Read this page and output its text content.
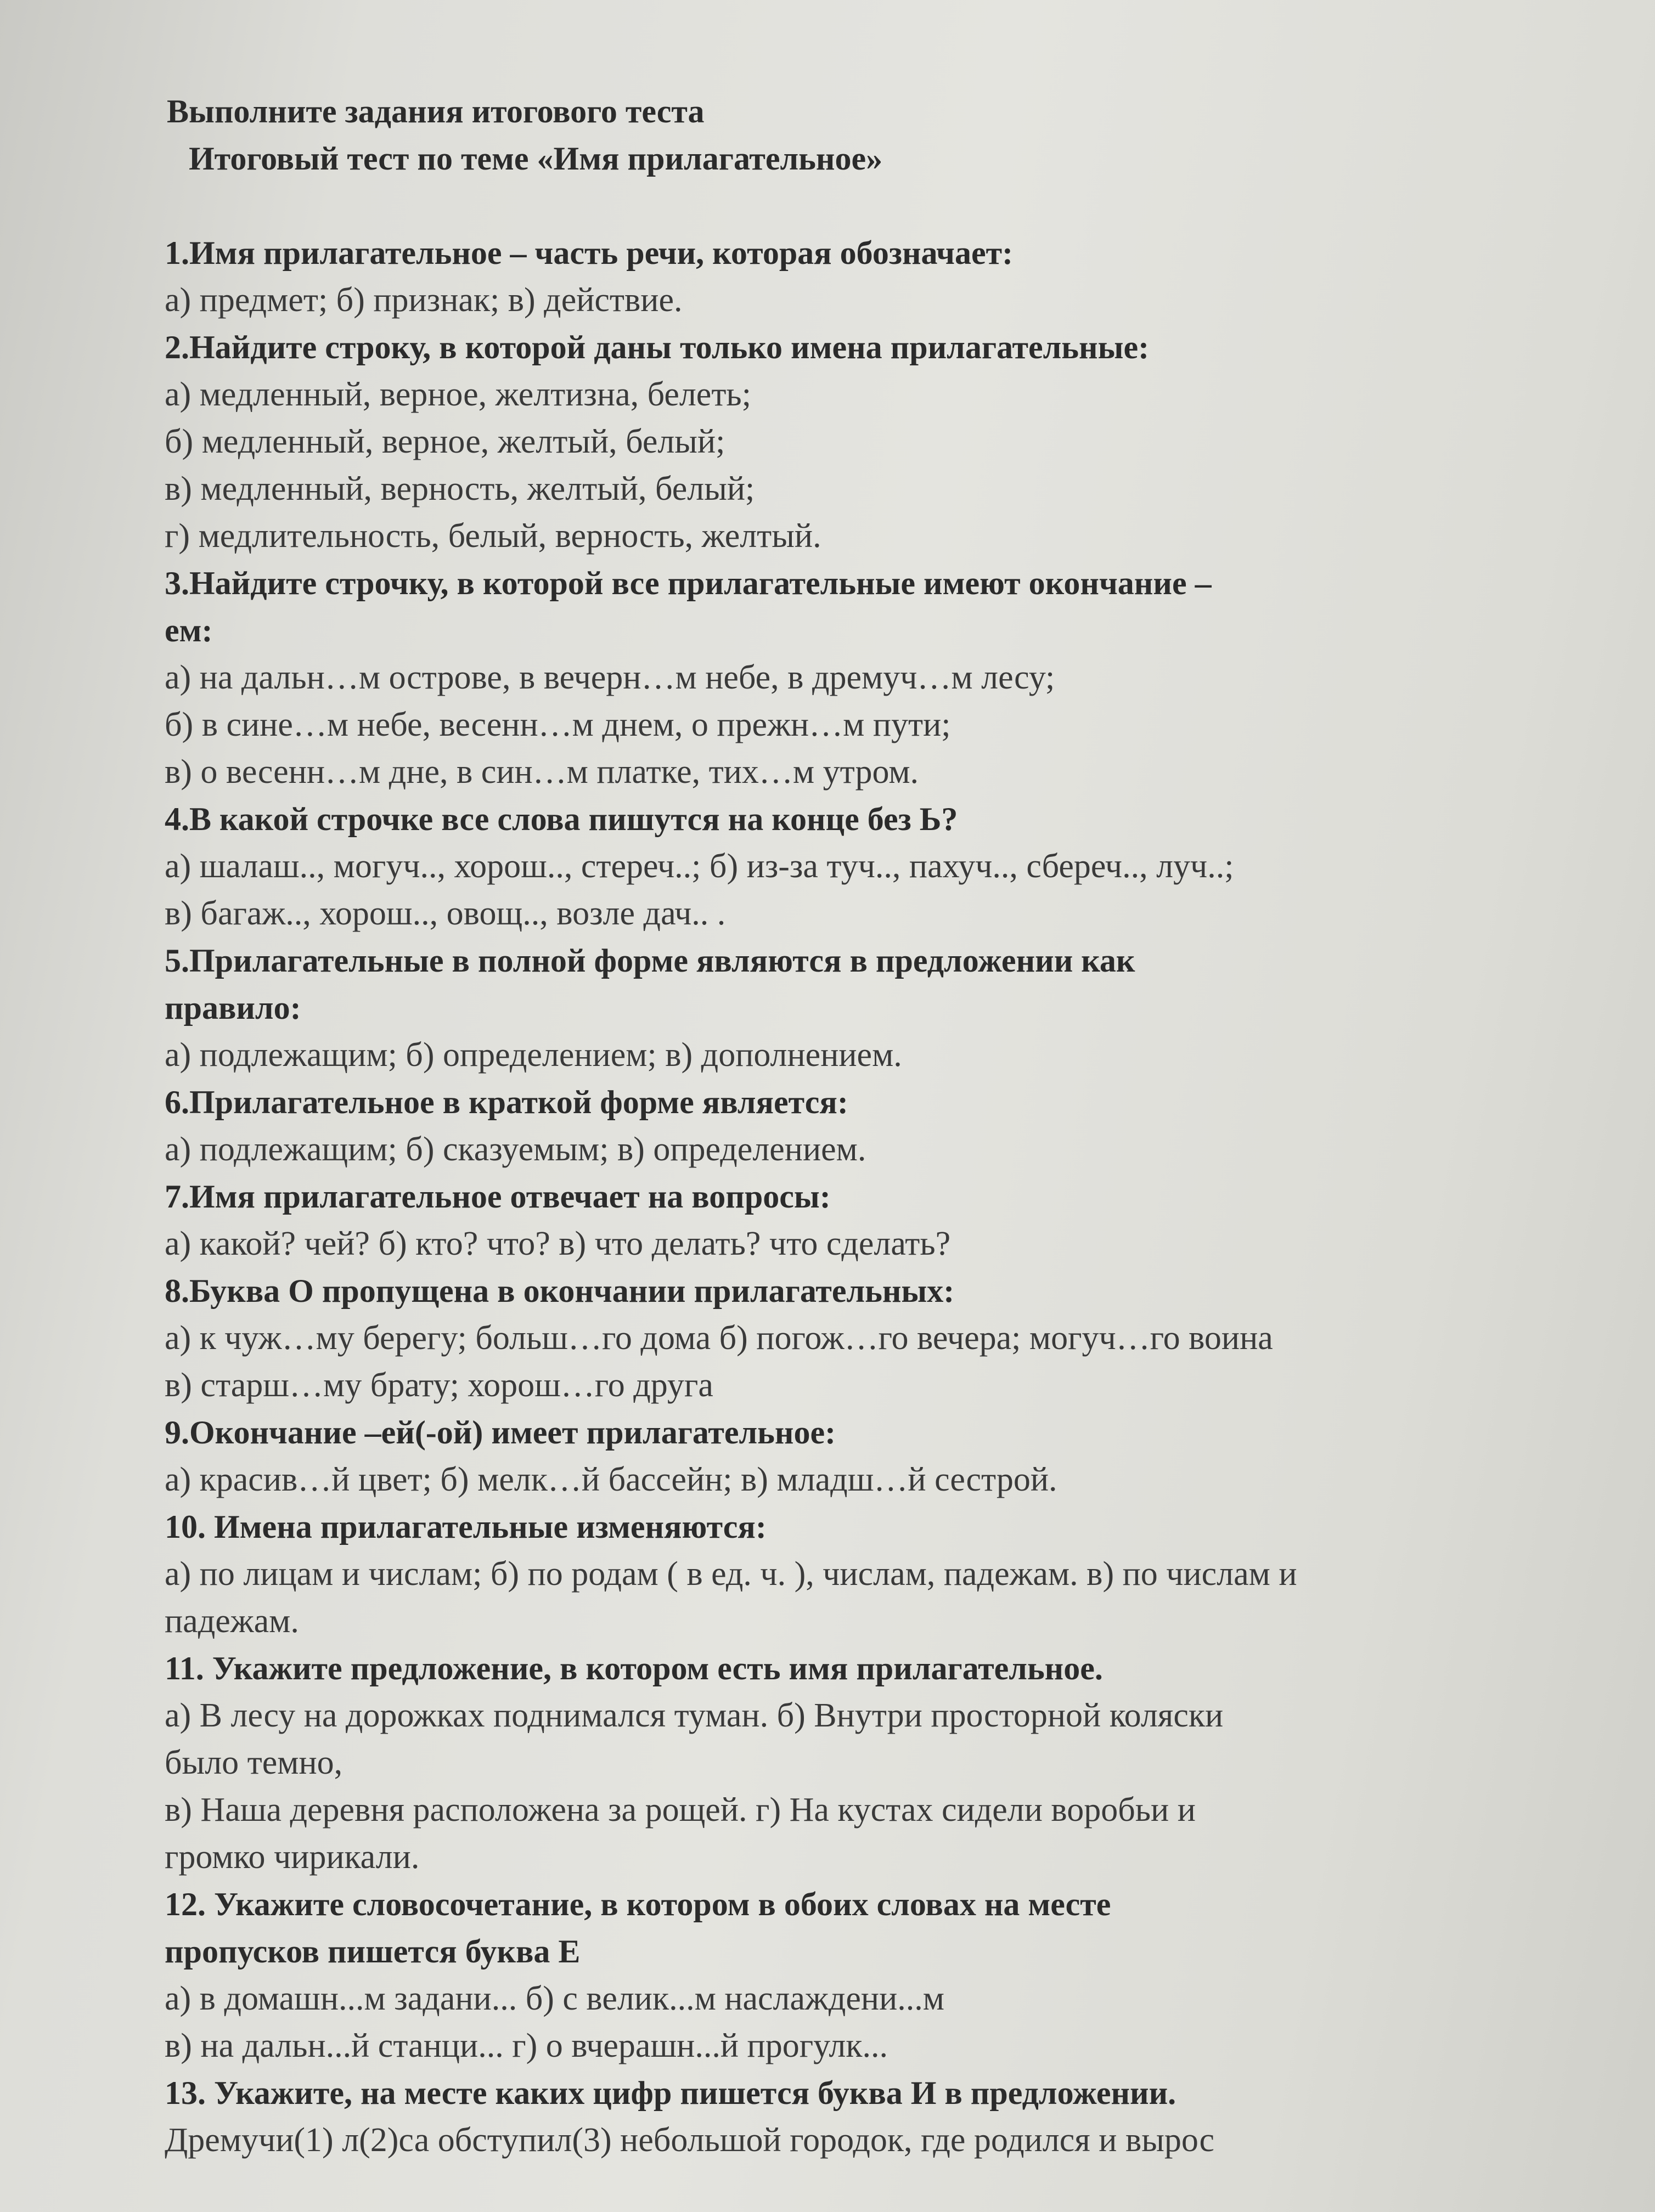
Выполните задания итогового теста
Итоговый тест по теме «Имя прилагательное»
1.Имя прилагательное – часть речи, которая обозначает:
а) предмет; б) признак; в) действие.
2.Найдите строку, в которой даны только имена прилагательные:
а) медленный, верное, желтизна, белеть;
б) медленный, верное, желтый, белый;
в) медленный, верность, желтый, белый;
г) медлительность, белый, верность, желтый.
3.Найдите строчку, в которой все прилагательные имеют окончание –
ем:
а) на дальн…м острове, в вечерн…м небе, в дремуч…м лесу;
б) в сине…м небе, весенн…м днем, о прежн…м пути;
в) о весенн…м дне, в син…м платке, тих…м утром.
4.В какой строчке все слова пишутся на конце без Ь?
а) шалаш.., могуч.., хорош.., стереч..; б) из-за туч.., пахуч.., сбереч.., луч..;
в) багаж.., хорош.., овощ.., возле дач.. .
5.Прилагательные в полной форме являются в предложении как
правило:
а) подлежащим; б) определением; в) дополнением.
6.Прилагательное в краткой форме является:
а) подлежащим; б) сказуемым; в) определением.
7.Имя прилагательное отвечает на вопросы:
а) какой? чей? б) кто? что? в) что делать? что сделать?
8.Буква О пропущена в окончании прилагательных:
а) к чуж…му берегу; больш…го дома б) погож…го вечера; могуч…го воина
в) старш…му брату; хорош…го друга
9.Окончание –ей(-ой) имеет прилагательное:
а) красив…й цвет; б) мелк…й бассейн; в) младш…й сестрой.
10. Имена прилагательные изменяются:
а) по лицам и числам; б) по родам ( в ед. ч. ), числам, падежам. в) по числам и
падежам.
11. Укажите предложение, в котором есть имя прилагательное.
а) В лесу на дорожках поднимался туман. б) Внутри просторной коляски
было темно,
в) Наша деревня расположена за рощей. г) На кустах сидели воробьи и
громко чирикали.
12. Укажите словосочетание, в котором в обоих словах на месте
пропусков пишется буква Е
а) в домашн...м задани... б) с велик...м наслаждени...м
в) на дальн...й станци... г) о вчерашн...й прогулк...
13. Укажите, на месте каких цифр пишется буква И в предложении.
Дремучи(1) л(2)са обступил(3) небольшой городок, где родился и вырос
